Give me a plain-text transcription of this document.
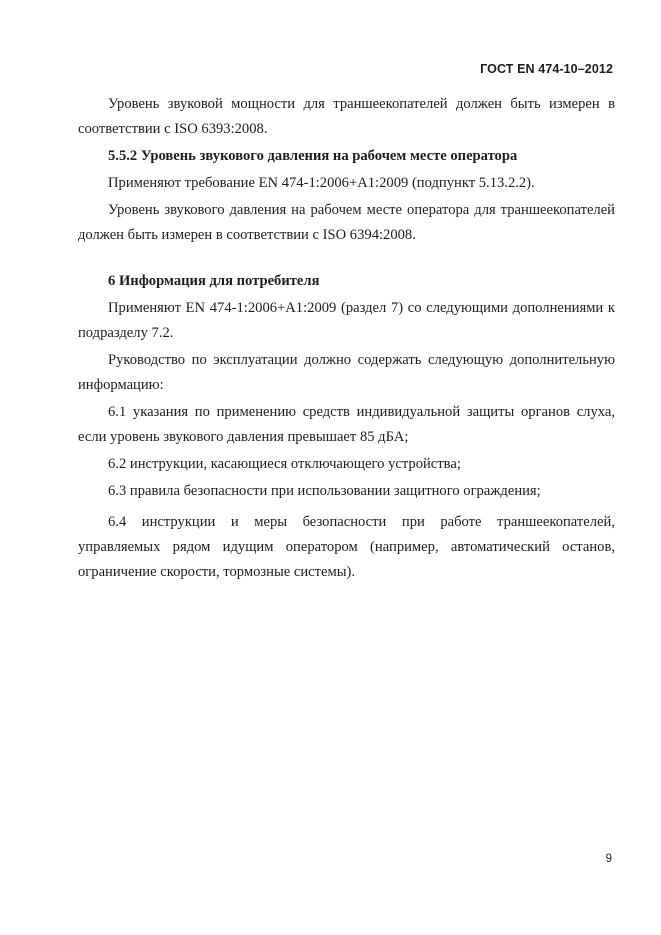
ГОСТ EN 474-10–2012

Уровень звуковой мощности для траншеекопателей должен быть измерен в соответствии с ISO 6393:2008.

5.5.2 Уровень звукового давления на рабочем месте оператора

Применяют требование EN 474-1:2006+A1:2009 (подпункт 5.13.2.2).

Уровень звукового давления на рабочем месте оператора для траншеекопателей должен быть измерен в соответствии с ISO 6394:2008.

6 Информация для потребителя

Применяют EN 474-1:2006+A1:2009 (раздел 7) со следующими дополнениями к подразделу 7.2.

Руководство по эксплуатации должно содержать следующую дополнительную информацию:

6.1 указания по применению средств индивидуальной защиты органов слуха, если уровень звукового давления превышает 85 дБА;

6.2 инструкции, касающиеся отключающего устройства;

6.3 правила безопасности при использовании защитного ограждения;

6.4 инструкции и меры безопасности при работе траншеекопателей, управляемых рядом идущим оператором (например, автоматический останов, ограничение скорости, тормозные системы).

9
